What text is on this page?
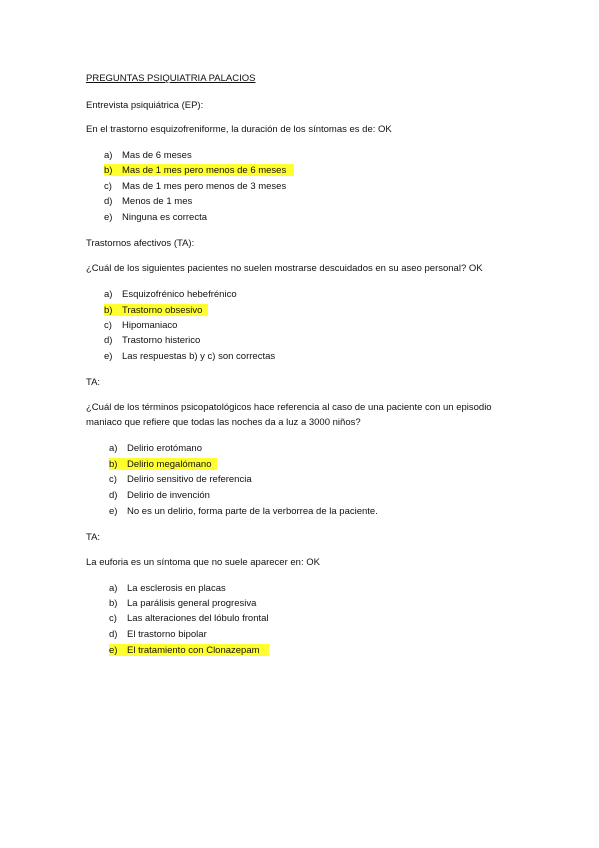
PREGUNTAS PSIQUIATRIA PALACIOS
Entrevista psiquiátrica (EP):
En el trastorno esquizofreniforme, la duración de los síntomas es de: OK
a) Mas de 6 meses
b) Mas de 1 mes pero menos de 6 meses
c) Mas de 1 mes pero menos de 3 meses
d) Menos de 1 mes
e) Ninguna es correcta
Trastornos afectivos (TA):
¿Cuál de los siguientes pacientes no suelen mostrarse descuidados en su aseo personal? OK
a) Esquizofrénico hebefrénico
b) Trastorno obsesivo
c) Hipomaniaco
d) Trastorno histerico
e) Las respuestas b) y c) son correctas
TA:
¿Cuál de los términos psicopatológicos hace referencia al caso de una paciente con un episodio
maniaco que refiere que todas las noches da a luz a 3000 niños?
a) Delirio erotómano
b) Delirio megalómano
c) Delirio sensitivo de referencia
d) Delirio de invención
e) No es un delirio, forma parte de la verborrea de la paciente.
TA:
La euforia es un síntoma que no suele aparecer en: OK
a) La esclerosis en placas
b) La parálisis general progresiva
c) Las alteraciones del lóbulo frontal
d) El trastorno bipolar
e) El tratamiento con Clonazepam
